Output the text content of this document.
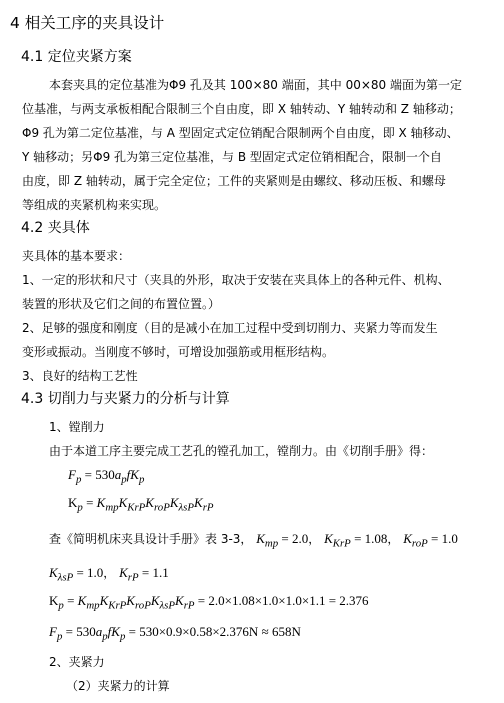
4 相关工序的夹具设计
4.1 定位夹紧方案
本套夹具的定位基准为Φ9 孔及其 100×80 端面，其中 00×80 端面为第一定
位基准，与两支承板相配合限制三个自由度，即 X 轴转动、Y 轴转动和 Z 轴移动；
Φ9 孔为第二定位基准，与 A 型固定式定位销配合限制两个自由度，即 X 轴移动、
Y 轴移动；另Φ9 孔为第三定位基准，与 B 型固定式定位销相配合，限制一个自
由度，即 Z 轴转动，属于完全定位；工件的夹紧则是由螺纹、移动压板、和螺母
等组成的夹紧机构来实现。
4.2 夹具体
夹具体的基本要求：
1、一定的形状和尺寸（夹具的外形，取决于安装在夹具体上的各种元件、机构、
装置的形状及它们之间的布置位置。）
2、足够的强度和刚度（目的是减小在加工过程中受到切削力、夹紧力等而发生
变形或振动。当刚度不够时，可增设加强筋或用框形结构。
3、良好的结构工艺性
4.3 切削力与夹紧力的分析与计算
1、镗削力
由于本道工序主要完成工艺孔的镗孔加工，镗削力。由《切削手册》得：
$F_p = 530a_pfK_p$
$K_p = K_{mp}K_{KrP}K_{roP}K_{\lambda sP}K_{rP}$
查《简明机床夹具设计手册》表 3-3， $K_{mp} = 2.0$， $K_{KrP} = 1.08$， $K_{roP} = 1.0$
$K_{\lambda sP} = 1.0$， $K_{rP} = 1.1$
$K_p = K_{mp}K_{KrP}K_{roP}K_{\lambda sP}K_{rP} = 2.0\times 1.08\times 1.0\times 1.0\times 1.1 = 2.376$
$F_p = 530a_pfK_p = 530\times 0.9\times 0.58\times 2.376N \approx 658N$
2、夹紧力
（2）夹紧力的计算
